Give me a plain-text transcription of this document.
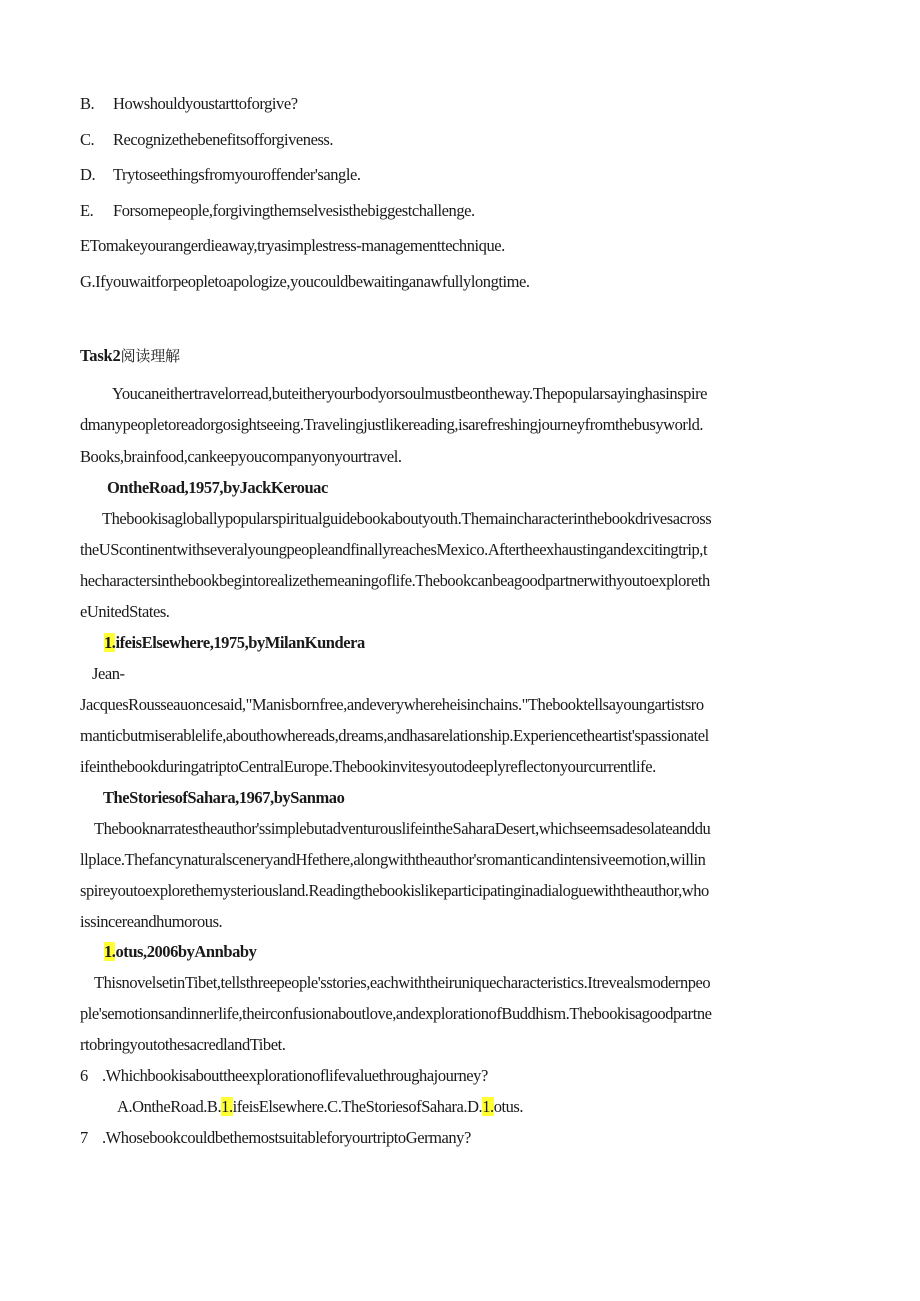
B. Howshouldyoustarttoforgive?
C. Recognizethebenefitsofforgiveness.
D. Trytoseethingsfromyouroffender'sangle.
E. Forsomepeople,forgivingthemselvesisthebiggestchallenge.
ETomakeyourangerdieaway,tryasimplestress-managementtechnique.
G.Ifyouwaitforpeopletoapologize,youcouldbewaitinganawfullylongtime.
Task2阅读理解
Youcaneithertravelorread,buteitheryourbodyorsoulmustbeontheway.Thepopularsayinghasinspire
dmanypeopletoreadorgosightseeing.Travelingjustlikereading,isarefreshingjourneyfromthebusyworld.
Books,brainfood,cankeepyoucompanyonyourtravel.
OntheRoad,1957,byJackKerouac
Thebookisagloballypopularspiritualguidebookaboutyouth.Themaincharacterinthebookdrivesacross
theUScontinentwithseveralyoungpeopleandfinallyreachesMexico.Aftertheexhaustingandexcitingtrip,t
hecharactersinthebookbegintorealizethemeaningoflife.Thebookcanbeagoodpartnerwithyoutoexploreth
eUnitedStates.
1.ifeisElsewhere,1975,byMilanKundera
Jean-
JacquesRousseauoncesaid,"Manisbornfree,andeverywhereheisinchains."Thebooktellsayoungartistsro
manticbutmiserablelife,abouthowhereads,dreams,andhasarelationship.Experiencetheartist'spassionatel
ifeinthebookduringatriptoCentralEurope.Thebookinvitesyoutodeeplyreflectonyourcurrentlife.
TheStoriesofSahara,1967,bySanmao
Thebooknarratestheauthor'ssimplebutadventurouslifeintheSaharaDesert,whichseemsadesolateanddu
llplace.ThefancynaturalsceneryandHfethere,alongwiththeauthor'sromanticandintensiveemotion,willin
spireyoutoexplorethemysteriousland.Readingthebookislikeparticipatinginadialoguewiththeauthor,who
issincereandhumorous.
1.otus,2006byAnnbaby
ThisnovelsetinTibet,tellsthreepeople'sstories,eachwiththeiruniquecharacteristics.Itrevealsmodernpeo
ple'semotionsandinnerlife,theirconfusionaboutlove,andexplorationofBuddhism.Thebookisagoodpartne
rtobringyoutothesacredlandTibet.
6 .Whichbookisabouttheexplorationoflifevaluethroughajourney?
A.OntheRoad.B.1.ifeisElsewhere.C.TheStoriesofSahara.D.1.otus.
7 .WhosebookcouldbethemostsuitableforyourtriptoGermany?
